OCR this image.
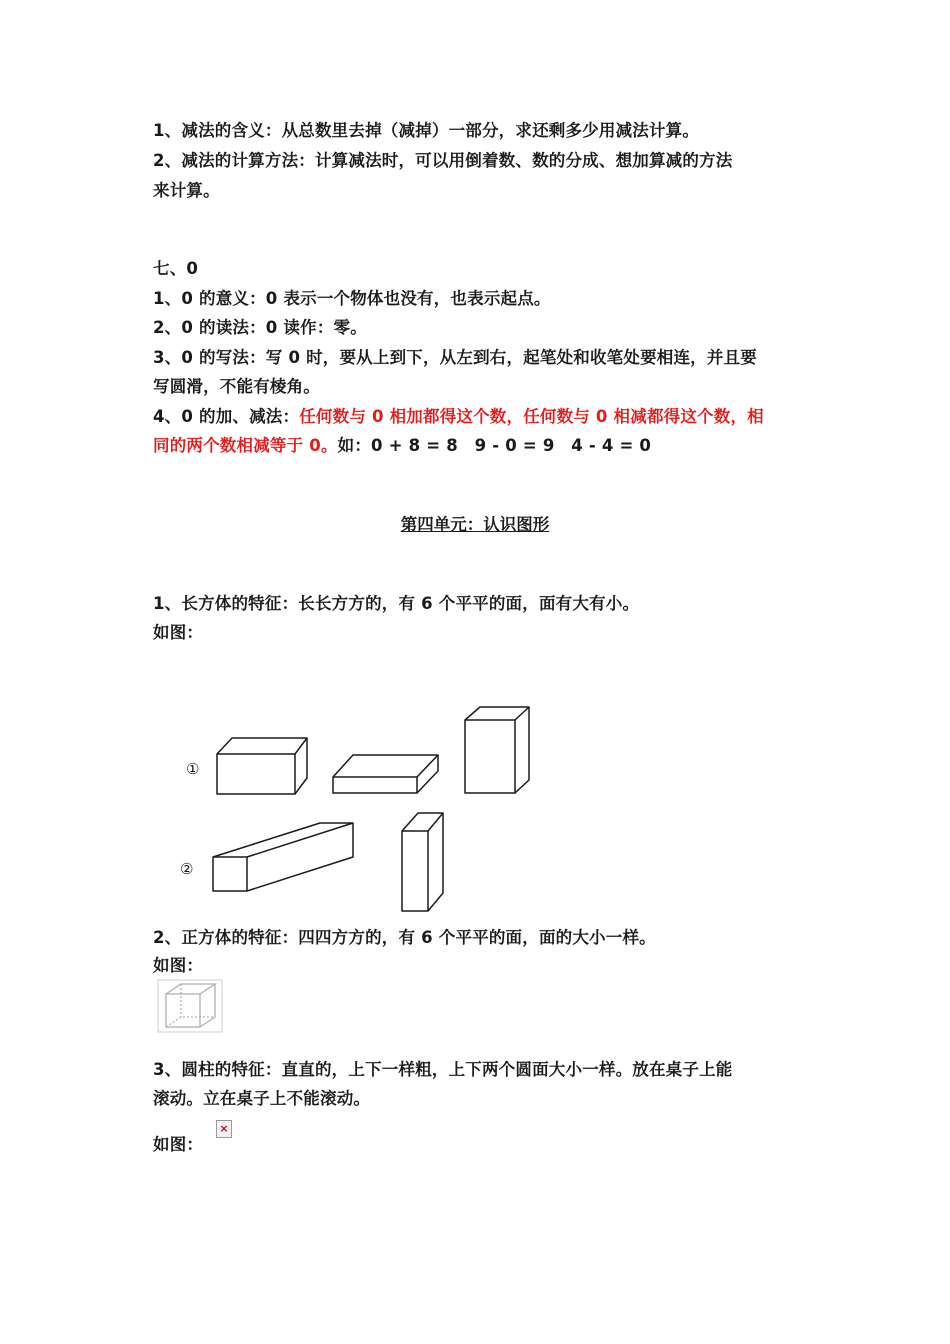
1、减法的含义：从总数里去掉（减掉）一部分，求还剩多少用减法计算。
2、减法的计算方法：计算减法时，可以用倒着数、数的分成、想加算减的方法
来计算。
七、0
1、0 的意义：0 表示一个物体也没有，也表示起点。
2、0 的读法：0 读作：零。
3、0 的写法：写 0 时，要从上到下，从左到右，起笔处和收笔处要相连，并且要
写圆滑，不能有棱角。
4、0 的加、减法：任何数与 0 相加都得这个数，任何数与 0 相减都得这个数，相
同的两个数相减等于 0。如：0 + 8 = 8　9 - 0 = 9　4 - 4 = 0
第四单元：认识图形
1、长方体的特征：长长方方的，有 6 个平平的面，面有大有小。
如图：
①
②
2、正方体的特征：四四方方的，有 6 个平平的面，面的大小一样。
如图：
3、圆柱的特征：直直的，上下一样粗，上下两个圆面大小一样。放在桌子上能
滚动。立在桌子上不能滚动。
如图：
×
